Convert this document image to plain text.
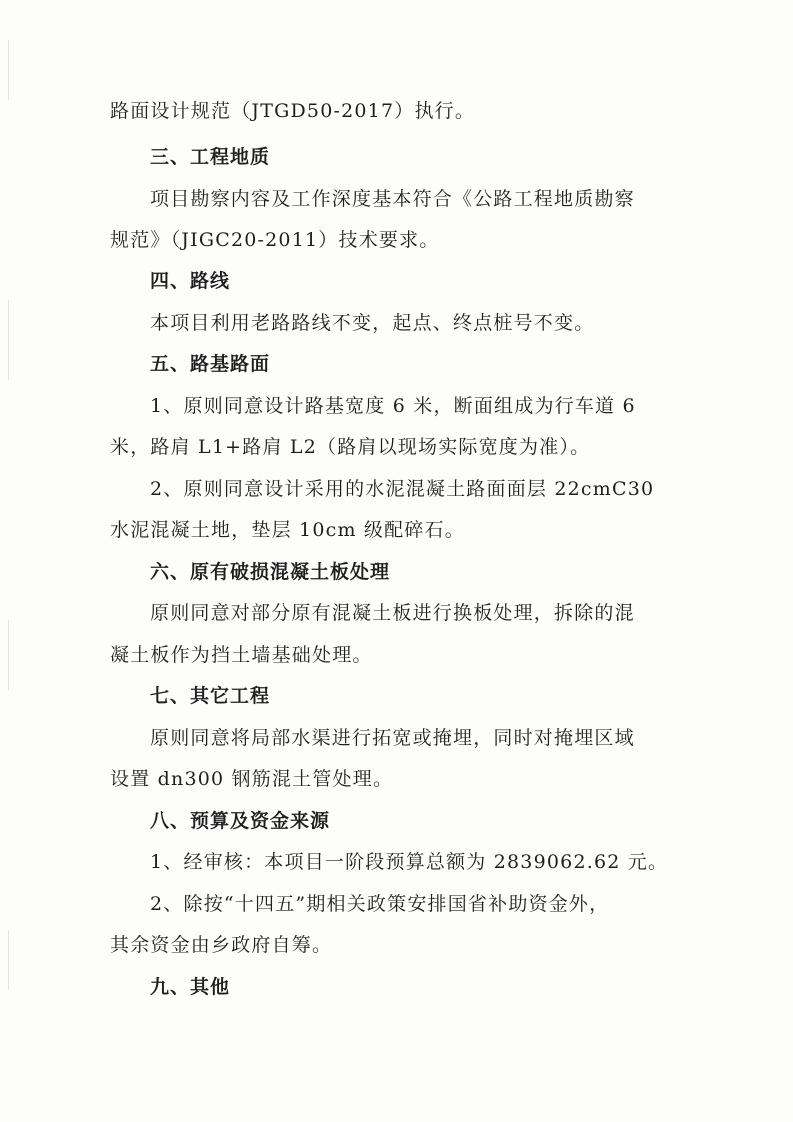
路面设计规范（JTGD50-2017）执行。
三、工程地质
项目勘察内容及工作深度基本符合《公路工程地质勘察
规范》（JIGC20-2011）技术要求。
四、路线
本项目利用老路路线不变，起点、终点桩号不变。
五、路基路面
1、原则同意设计路基宽度 6 米，断面组成为行车道 6
米，路肩 L1+路肩 L2（路肩以现场实际宽度为准）。
2、原则同意设计采用的水泥混凝土路面面层 22cmC30
水泥混凝土地，垫层 10cm 级配碎石。
六、原有破损混凝土板处理
原则同意对部分原有混凝土板进行换板处理，拆除的混
凝土板作为挡土墙基础处理。
七、其它工程
原则同意将局部水渠进行拓宽或掩埋，同时对掩埋区域
设置 dn300 钢筋混土管处理。
八、预算及资金来源
1、经审核：本项目一阶段预算总额为 2839062.62 元。
2、除按“十四五”期相关政策安排国省补助资金外，
其余资金由乡政府自筹。
九、其他
